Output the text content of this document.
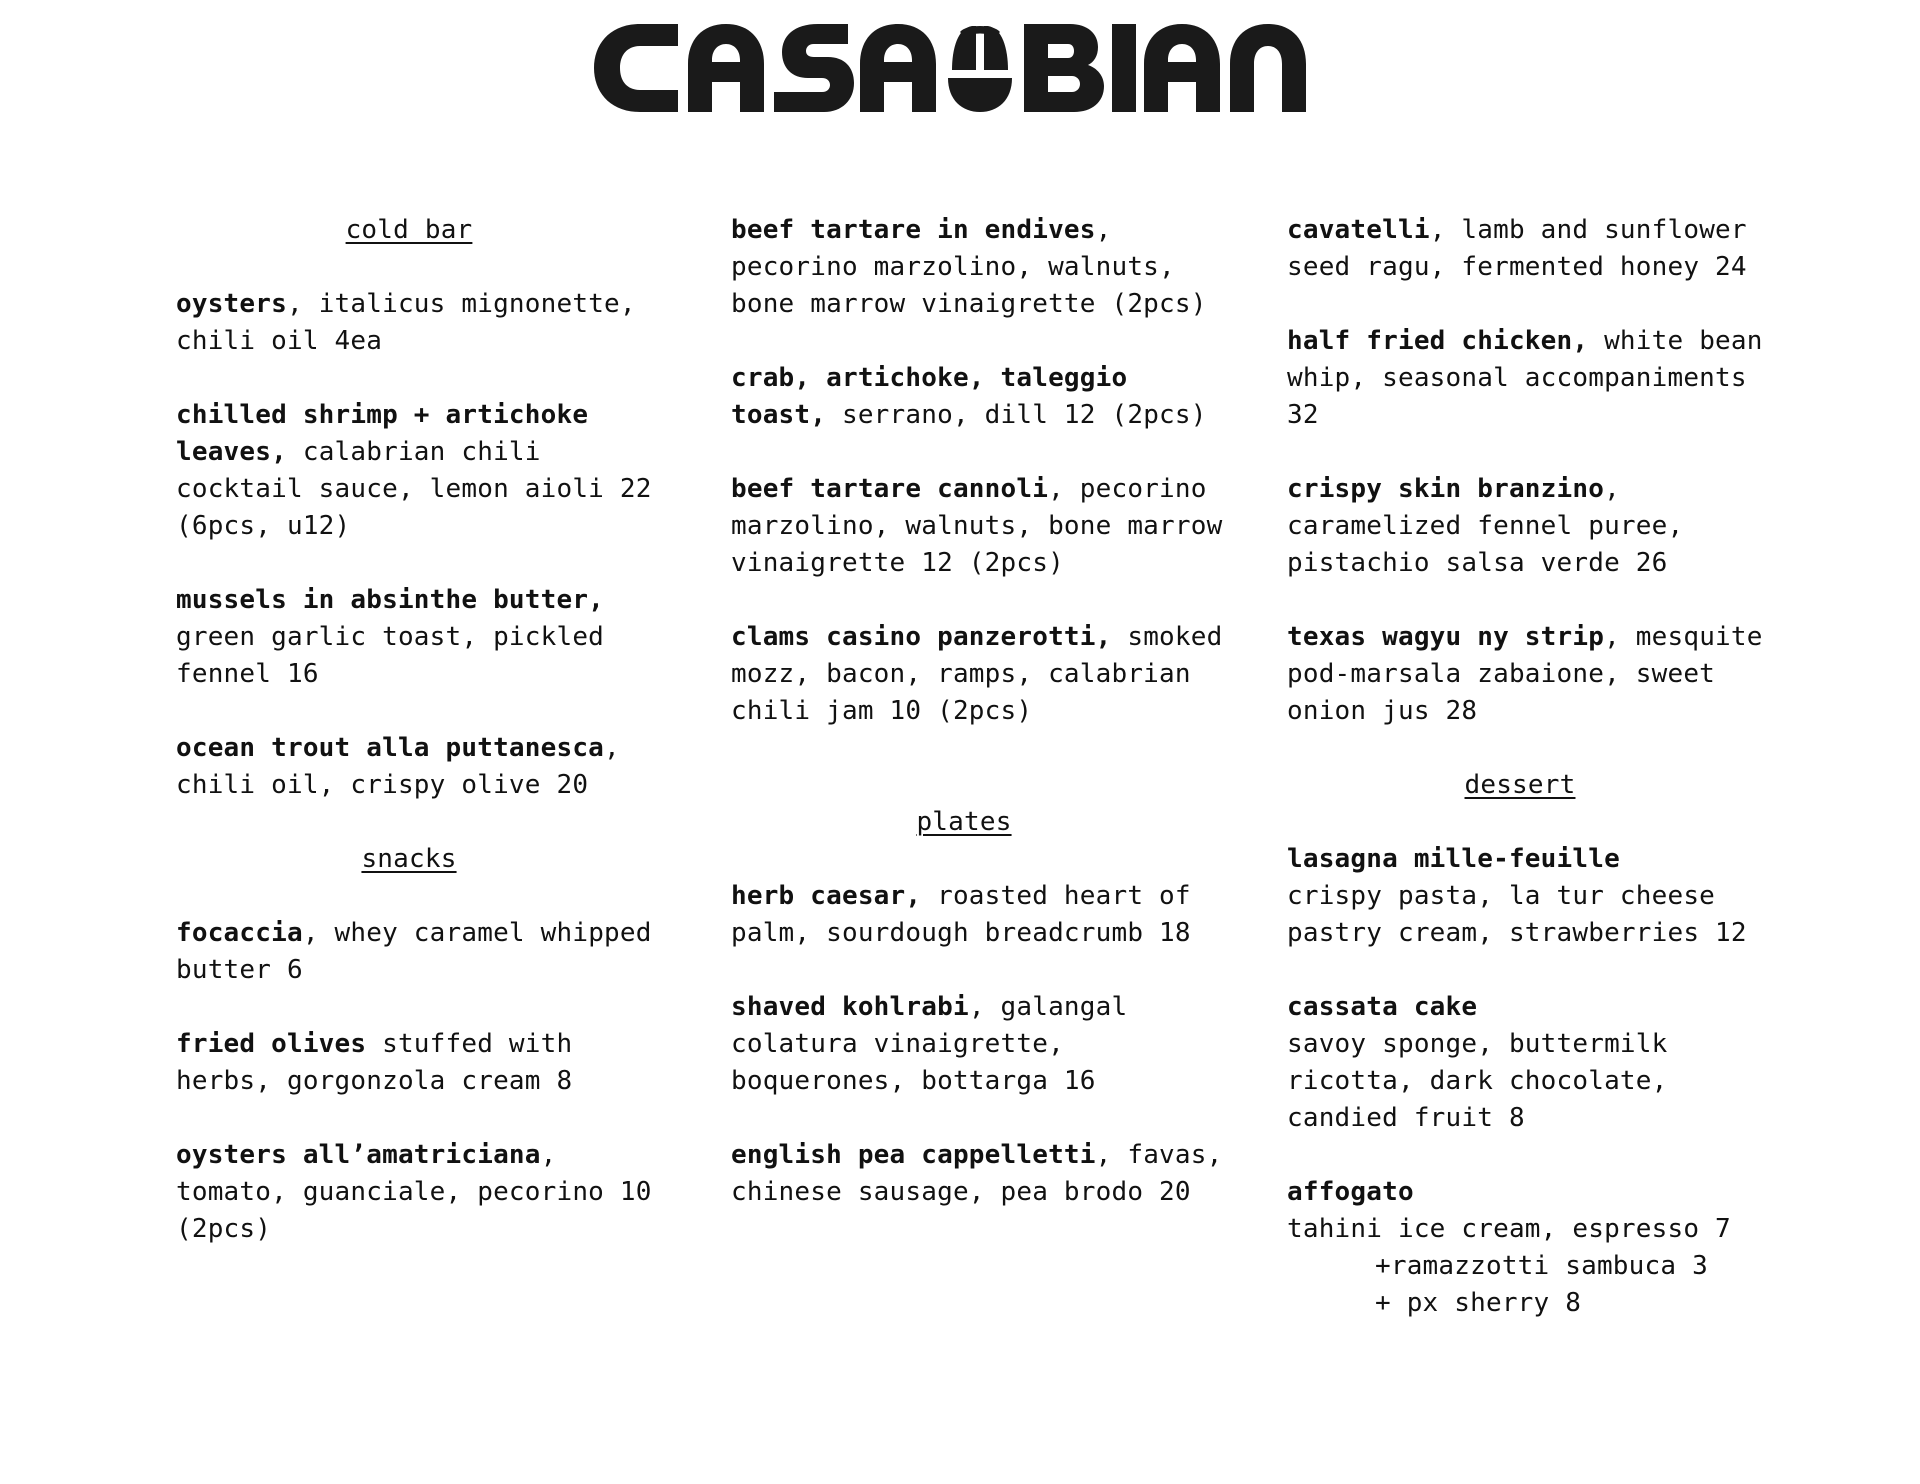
cold bar
oysters, italicus mignonette, chili oil 4ea
chilled shrimp + artichoke leaves, calabrian chili cocktail sauce, lemon aioli 22 (6pcs, u12)
mussels in absinthe butter, green garlic toast, pickled fennel 16
ocean trout alla puttanesca, chili oil, crispy olive 20
snacks
focaccia, whey caramel whipped butter 6
fried olives stuffed with herbs, gorgonzola cream 8
oysters all’amatriciana, tomato, guanciale, pecorino 10 (2pcs)
beef tartare in endives, pecorino marzolino, walnuts, bone marrow vinaigrette (2pcs)
crab, artichoke, taleggio toast, serrano, dill 12 (2pcs)
beef tartare cannoli, pecorino marzolino, walnuts, bone marrow vinaigrette 12 (2pcs)
clams casino panzerotti, smoked mozz, bacon, ramps, calabrian chili jam 10 (2pcs)
plates
herb caesar, roasted heart of palm, sourdough breadcrumb 18
shaved kohlrabi, galangal colatura vinaigrette, boquerones, bottarga 16
english pea cappelletti, favas, chinese sausage, pea brodo 20
cavatelli, lamb and sunflower seed ragu, fermented honey 24
half fried chicken, white bean whip, seasonal accompaniments 32
crispy skin branzino, caramelized fennel puree, pistachio salsa verde 26
texas wagyu ny strip, mesquite pod-marsala zabaione, sweet onion jus 28
dessert
lasagna mille-feuille
crispy pasta, la tur cheese pastry cream, strawberries 12
cassata cake
savoy sponge, buttermilk ricotta, dark chocolate, candied fruit 8
affogato
tahini ice cream, espresso 7
+ramazzotti sambuca 3
+ px sherry 8
